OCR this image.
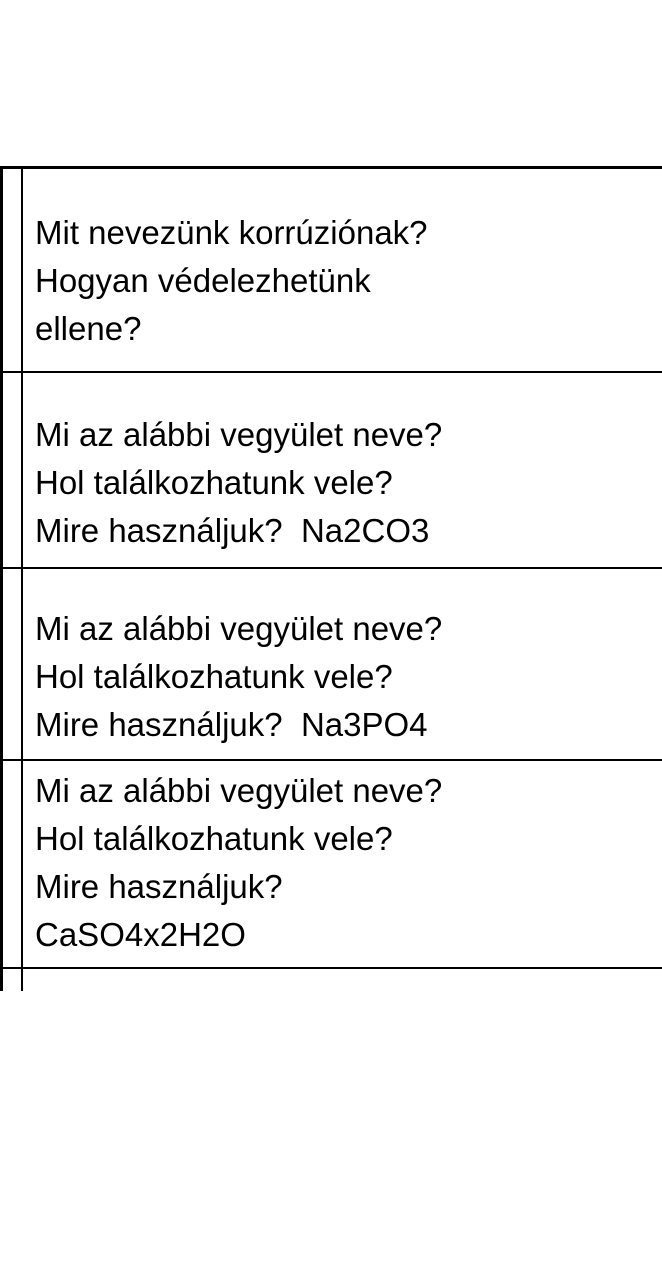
Mit nevezünk korrúziónak?
Hogyan védelezhetünk
ellene?
Mi az alábbi vegyület neve?
Hol találkozhatunk vele?
Mire használjuk?  Na2CO3
Mi az alábbi vegyület neve?
Hol találkozhatunk vele?
Mire használjuk?  Na3PO4
Mi az alábbi vegyület neve?
Hol találkozhatunk vele?
Mire használjuk?
CaSO4x2H2O
